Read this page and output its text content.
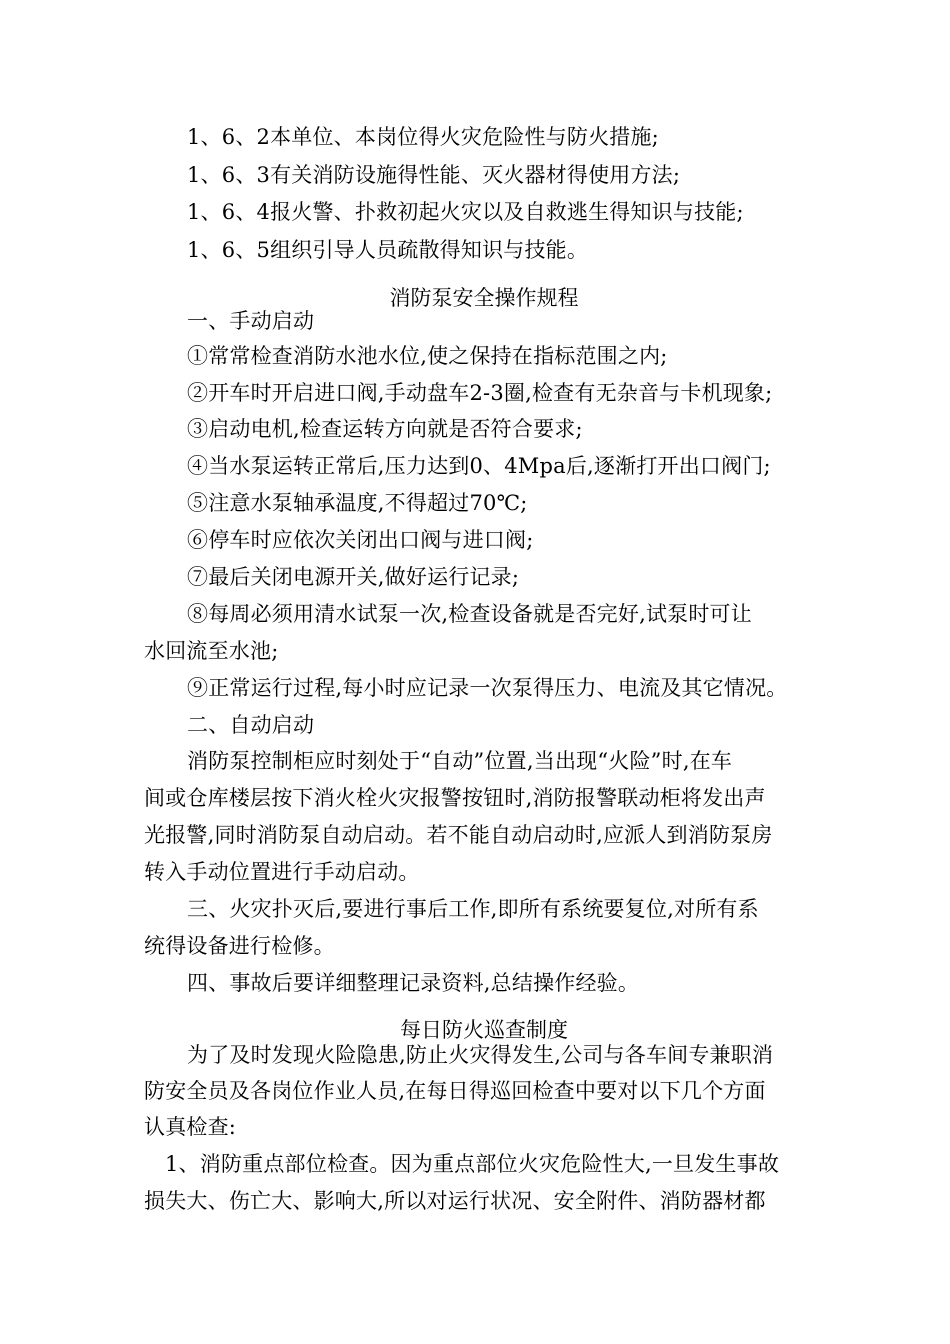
1、6、2本单位、本岗位得火灾危险性与防火措施;
1、6、3有关消防设施得性能、灭火器材得使用方法;
1、6、4报火警、扑救初起火灾以及自救逃生得知识与技能;
1、6、5组织引导人员疏散得知识与技能。
消防泵安全操作规程
一、手动启动
①常常检查消防水池水位,使之保持在指标范围之内;
②开车时开启进口阀,手动盘车2-3圈,检查有无杂音与卡机现象;
③启动电机,检查运转方向就是否符合要求;
④当水泵运转正常后,压力达到0、4Mpa后,逐渐打开出口阀门;
⑤注意水泵轴承温度,不得超过70℃;
⑥停车时应依次关闭出口阀与进口阀;
⑦最后关闭电源开关,做好运行记录;
⑧每周必须用清水试泵一次,检查设备就是否完好,试泵时可让
水回流至水池;
⑨正常运行过程,每小时应记录一次泵得压力、电流及其它情况。
二、自动启动
消防泵控制柜应时刻处于“自动”位置,当出现“火险”时,在车
间或仓库楼层按下消火栓火灾报警按钮时,消防报警联动柜将发出声
光报警,同时消防泵自动启动。若不能自动启动时,应派人到消防泵房
转入手动位置进行手动启动。
三、火灾扑灭后,要进行事后工作,即所有系统要复位,对所有系
统得设备进行检修。
四、事故后要详细整理记录资料,总结操作经验。
每日防火巡查制度
为了及时发现火险隐患,防止火灾得发生,公司与各车间专兼职消
防安全员及各岗位作业人员,在每日得巡回检查中要对以下几个方面
认真检查:
1、消防重点部位检查。因为重点部位火灾危险性大,一旦发生事故
损失大、伤亡大、影响大,所以对运行状况、安全附件、消防器材都
